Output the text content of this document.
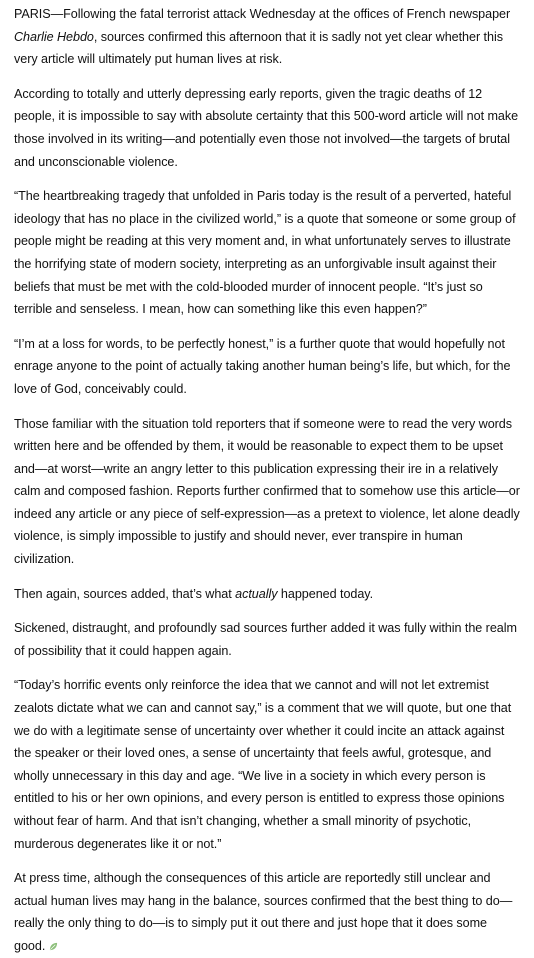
PARIS—Following the fatal terrorist attack Wednesday at the offices of French newspaper Charlie Hebdo, sources confirmed this afternoon that it is sadly not yet clear whether this very article will ultimately put human lives at risk.

According to totally and utterly depressing early reports, given the tragic deaths of 12 people, it is impossible to say with absolute certainty that this 500-word article will not make those involved in its writing—and potentially even those not involved—the targets of brutal and unconscionable violence.

“The heartbreaking tragedy that unfolded in Paris today is the result of a perverted, hateful ideology that has no place in the civilized world,” is a quote that someone or some group of people might be reading at this very moment and, in what unfortunately serves to illustrate the horrifying state of modern society, interpreting as an unforgivable insult against their beliefs that must be met with the cold-blooded murder of innocent people. “It’s just so terrible and senseless. I mean, how can something like this even happen?”

“I’m at a loss for words, to be perfectly honest,” is a further quote that would hopefully not enrage anyone to the point of actually taking another human being’s life, but which, for the love of God, conceivably could.

Those familiar with the situation told reporters that if someone were to read the very words written here and be offended by them, it would be reasonable to expect them to be upset and—at worst—write an angry letter to this publication expressing their ire in a relatively calm and composed fashion. Reports further confirmed that to somehow use this article—or indeed any article or any piece of self-expression—as a pretext to violence, let alone deadly violence, is simply impossible to justify and should never, ever transpire in human civilization.

Then again, sources added, that’s what actually happened today.

Sickened, distraught, and profoundly sad sources further added it was fully within the realm of possibility that it could happen again.

“Today’s horrific events only reinforce the idea that we cannot and will not let extremist zealots dictate what we can and cannot say,” is a comment that we will quote, but one that we do with a legitimate sense of uncertainty over whether it could incite an attack against the speaker or their loved ones, a sense of uncertainty that feels awful, grotesque, and wholly unnecessary in this day and age. “We live in a society in which every person is entitled to his or her own opinions, and every person is entitled to express those opinions without fear of harm. And that isn’t changing, whether a small minority of psychotic, murderous degenerates like it or not.”

At press time, although the consequences of this article are reportedly still unclear and actual human lives may hang in the balance, sources confirmed that the best thing to do—really the only thing to do—is to simply put it out there and just hope that it does some good.
